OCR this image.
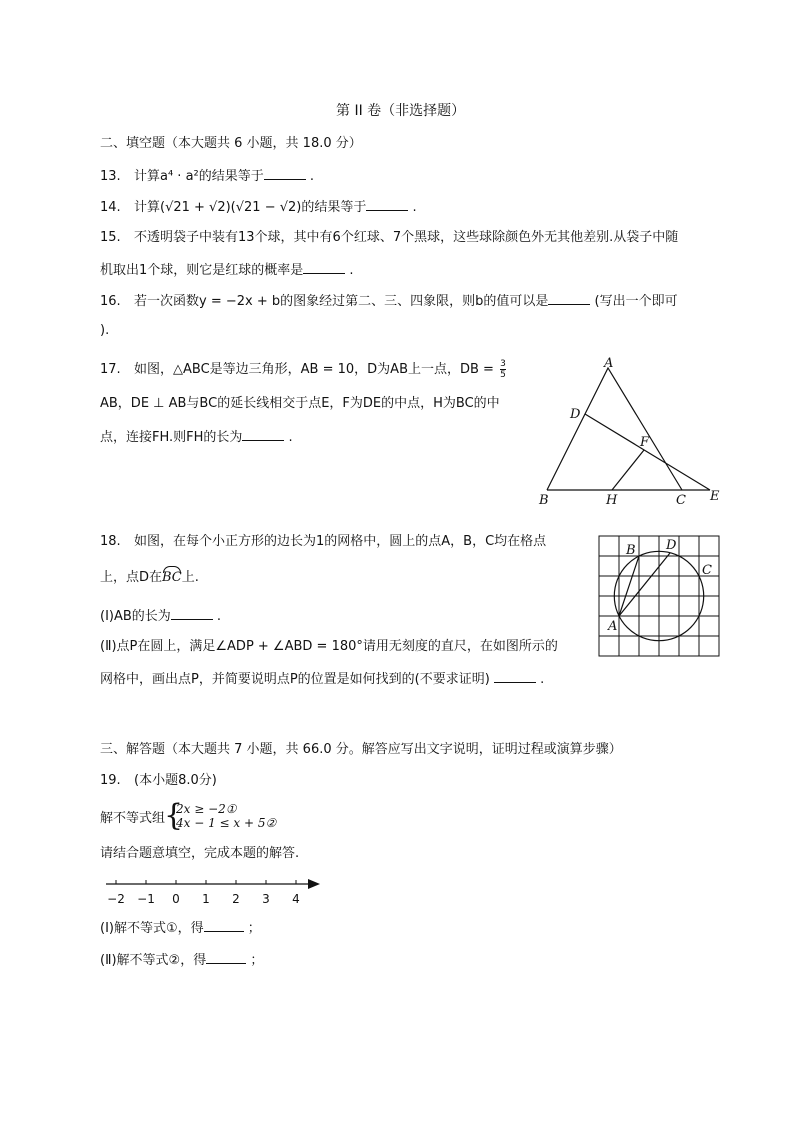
第 II 卷（非选择题）
二、填空题（本大题共 6 小题，共 18.0 分）
13. 计算a⁴ · a²的结果等于	.
14. 计算(√21 + √2)(√21 − √2)的结果等于	.
15. 不透明袋子中装有13个球，其中有6个红球、7个黑球，这些球除颜色外无其他差别.从袋子中随
机取出1个球，则它是红球的概率是	.
16. 若一次函数y = −2x + b的图象经过第二、三、四象限，则b的值可以是	(写出一个即可
).
17. 如图，△ABC是等边三角形，AB = 10，D为AB上一点，DB = $\frac{3}{5}$
AB，DE ⊥ AB与BC的延长线相交于点E，F为DE的中点，H为BC的中
点，连接FH.则FH的长为	.
A
D
F
B	H	C E
18. 如图，在每个小正方形的边长为1的网格中，圆上的点A，B，C均在格点
上，点D在
BC上.
(Ⅰ)AB的长为	.
(Ⅱ)点P在圆上，满足∠ADP + ∠ABD = 180°请用无刻度的直尺，在如图所示的
网格中，画出点P，并简要说明点P的位置是如何找到的(不要求证明)	.
B D
C
A
三、解答题（本大题共 7 小题，共 66.0 分。解答应写出文字说明，证明过程或演算步骤）
19. (本小题8.0分)
解不等式组
{
2x ≥ −2①
4x − 1 ≤ x + 5②
请结合题意填空，完成本题的解答.
−2 −1 0 1 2 3 4
(Ⅰ)解不等式①，得	；
(Ⅱ)解不等式②，得	；
